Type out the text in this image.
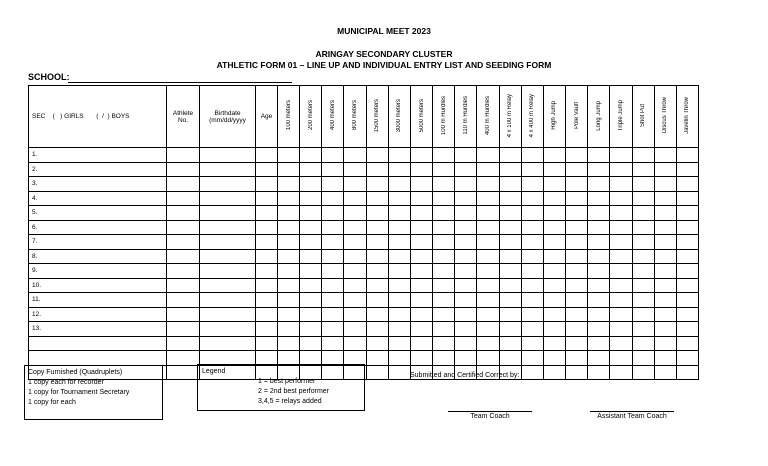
MUNICIPAL MEET 2023
ARINGAY SECONDARY CLUSTER
ATHLETIC FORM 01 – LINE UP AND INDIVIDUAL ENTRY LIST AND SEEDING FORM
SCHOOL:
SEC    (   ) GIRLS       (  /  ) BOYS	Athlete No.	Birthdate (mm/dd/yyyy	Age	100 meters	200 meters	400 meters	800 meters	1500 meters	3000 meters	5000 meters	100 m Hurdles	110 m Hurdles	400 m Hurdles	4 x 100 m Relay	4 x 400 m Relay	High Jump	Pole Vault	Long Jump	Triple Jump	Shot Put	Discus Throw	Javelin Throw
1.																						
2.																						
3.																						
4.																						
5.																						
6.																						
7.																						
8.																						
9.																						
10.																						
11.																						
12.																						
13.																						

Copy Furnished (Quadruplets)
1 copy each for recorder
1 copy for Tournament Secretary
1 copy for each
Legend
1 = best performer
2 = 2nd best performer
3,4,5 = relays added
Submitted and Certified Correct by:
Team Coach	Assistant Team Coach
